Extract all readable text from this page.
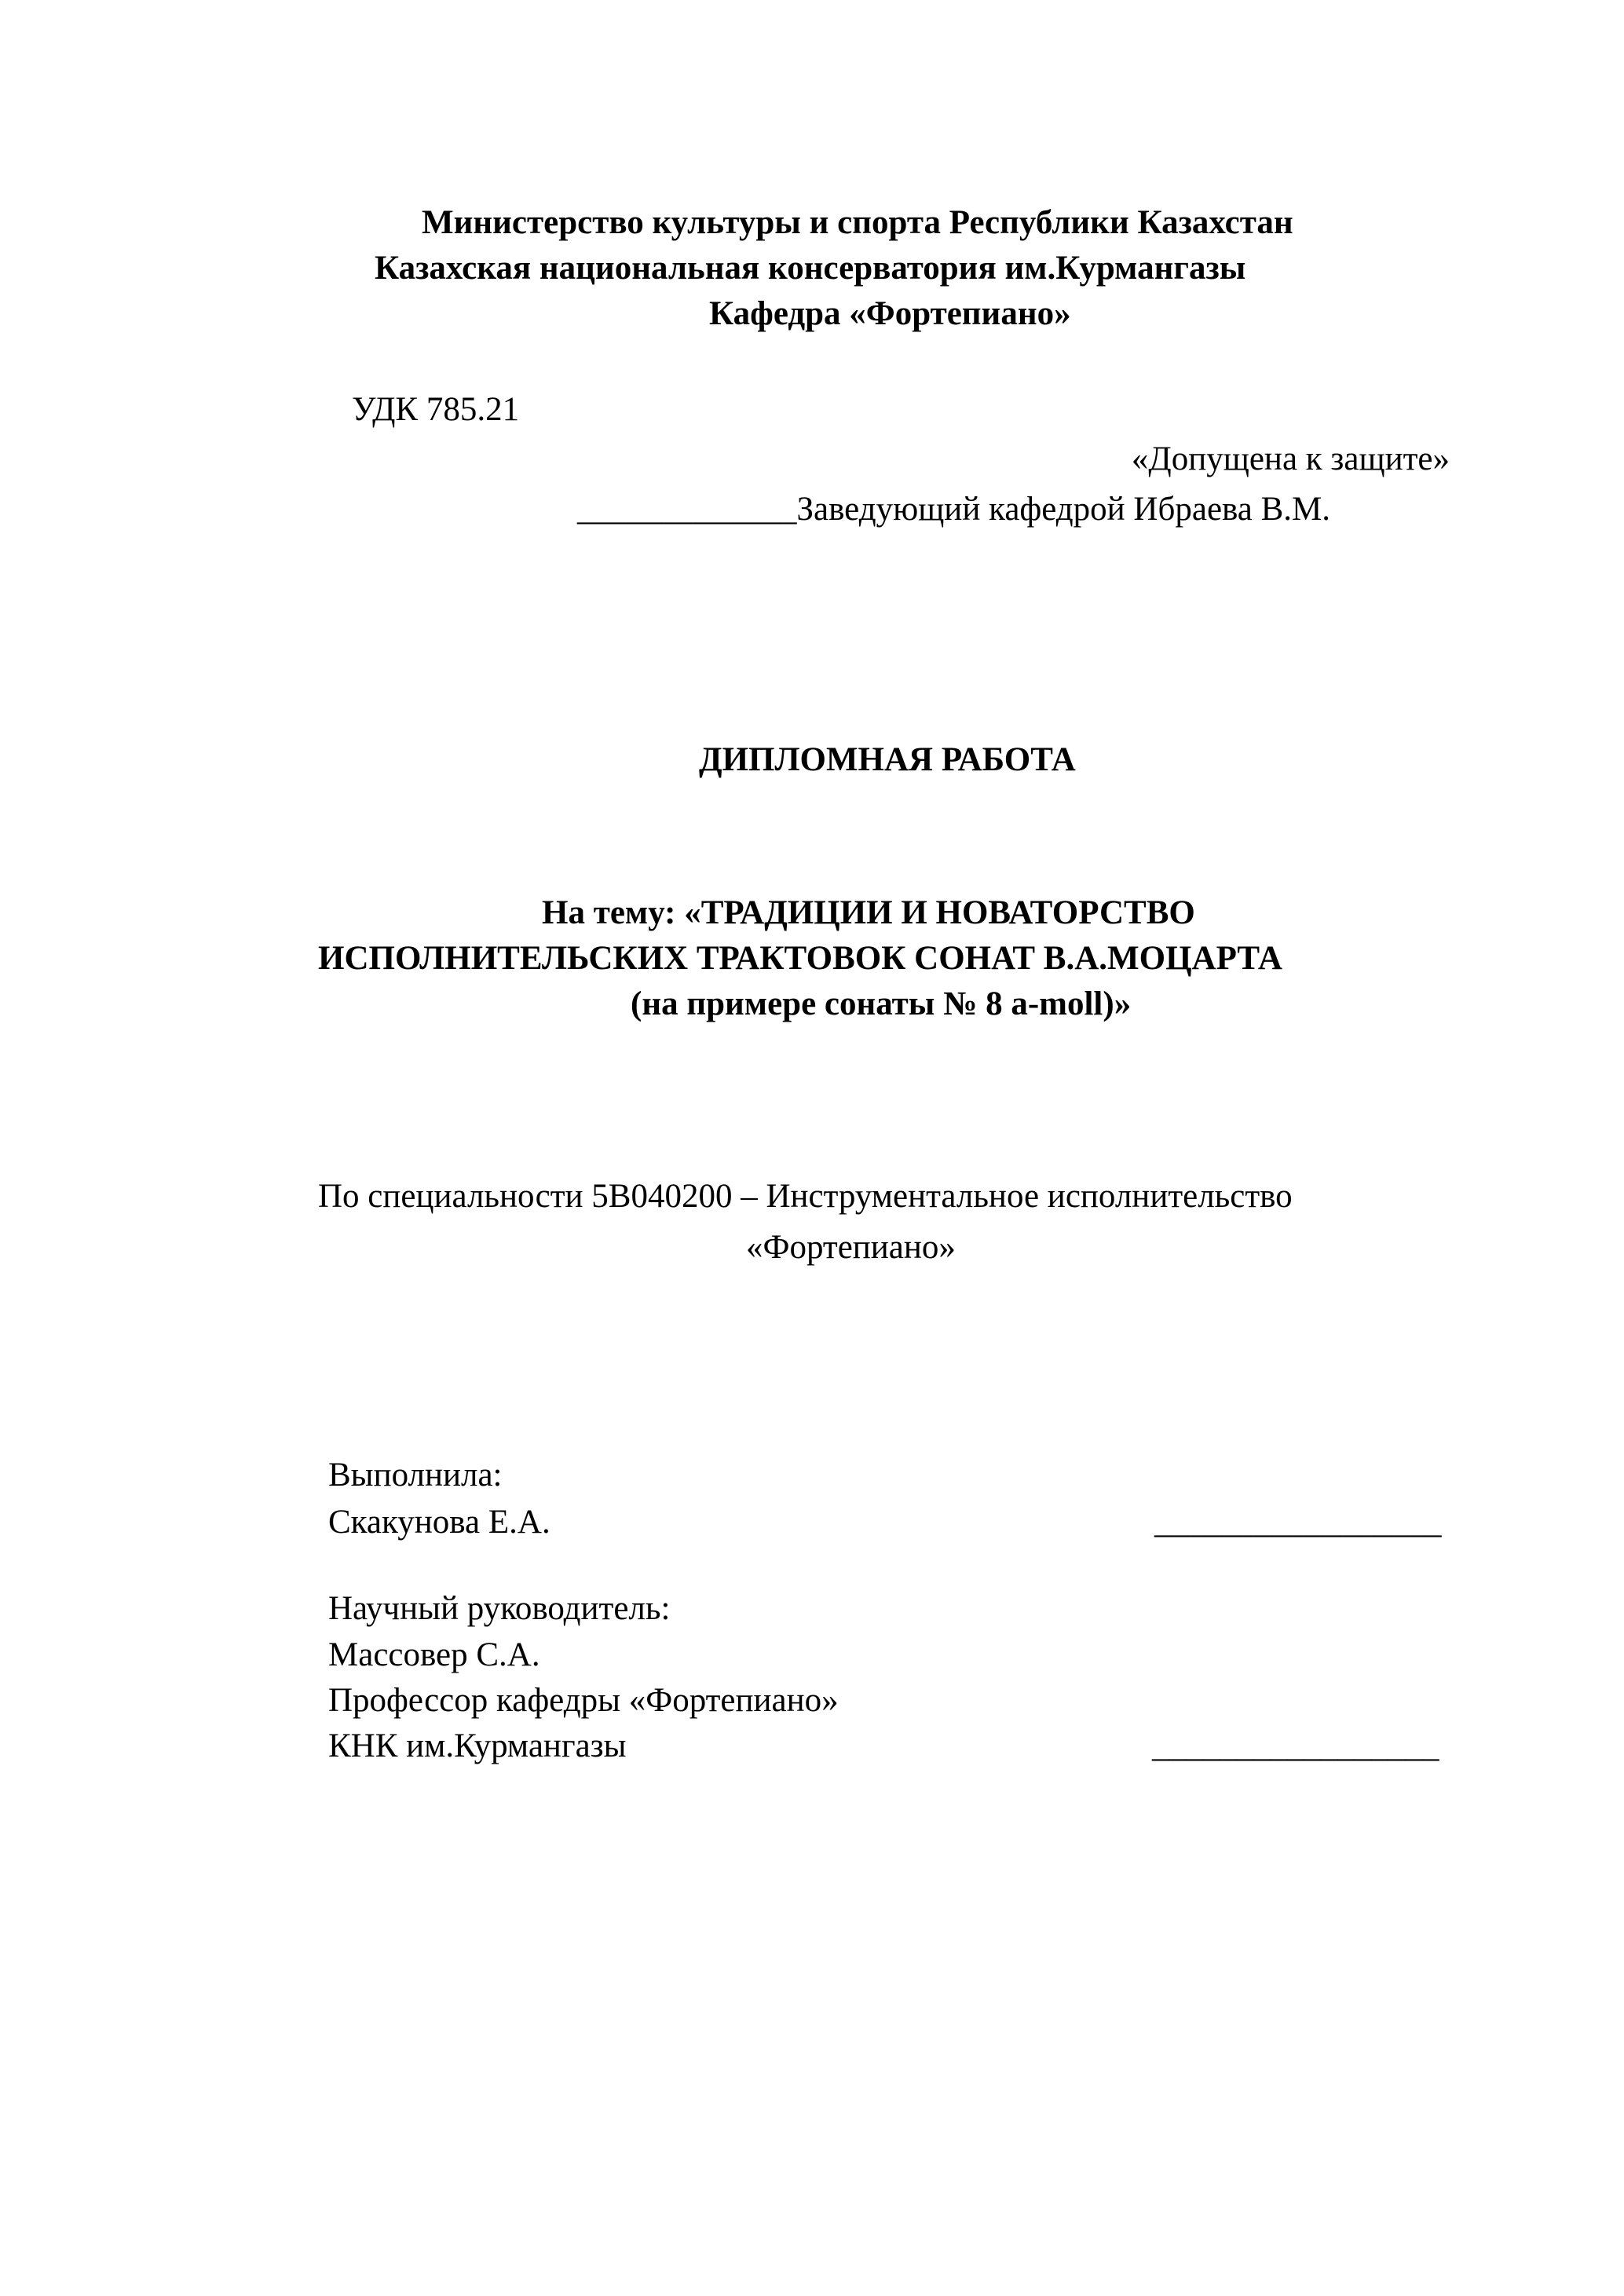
Министерство культуры и спорта Республики Казахстан
Казахская национальная консерватория им.Курмангазы
Кафедра «Фортепиано»
УДК 785.21
«Допущена к защите»
_____________Заведующий кафедрой Ибраева В.М.
ДИПЛОМНАЯ РАБОТА
На тему: «ТРАДИЦИИ И НОВАТОРСТВО
ИСПОЛНИТЕЛЬСКИХ ТРАКТОВОК СОНАТ В.А.МОЦАРТА
(на примере сонаты № 8 a-moll)»
По специальности 5В040200 – Инструментальное исполнительство
«Фортепиано»
Выполнила:
Скакунова Е.А.	_________________
Научный руководитель:
Массовер С.А.
Профессор кафедры «Фортепиано»
КНК им.Курмангазы	_________________
